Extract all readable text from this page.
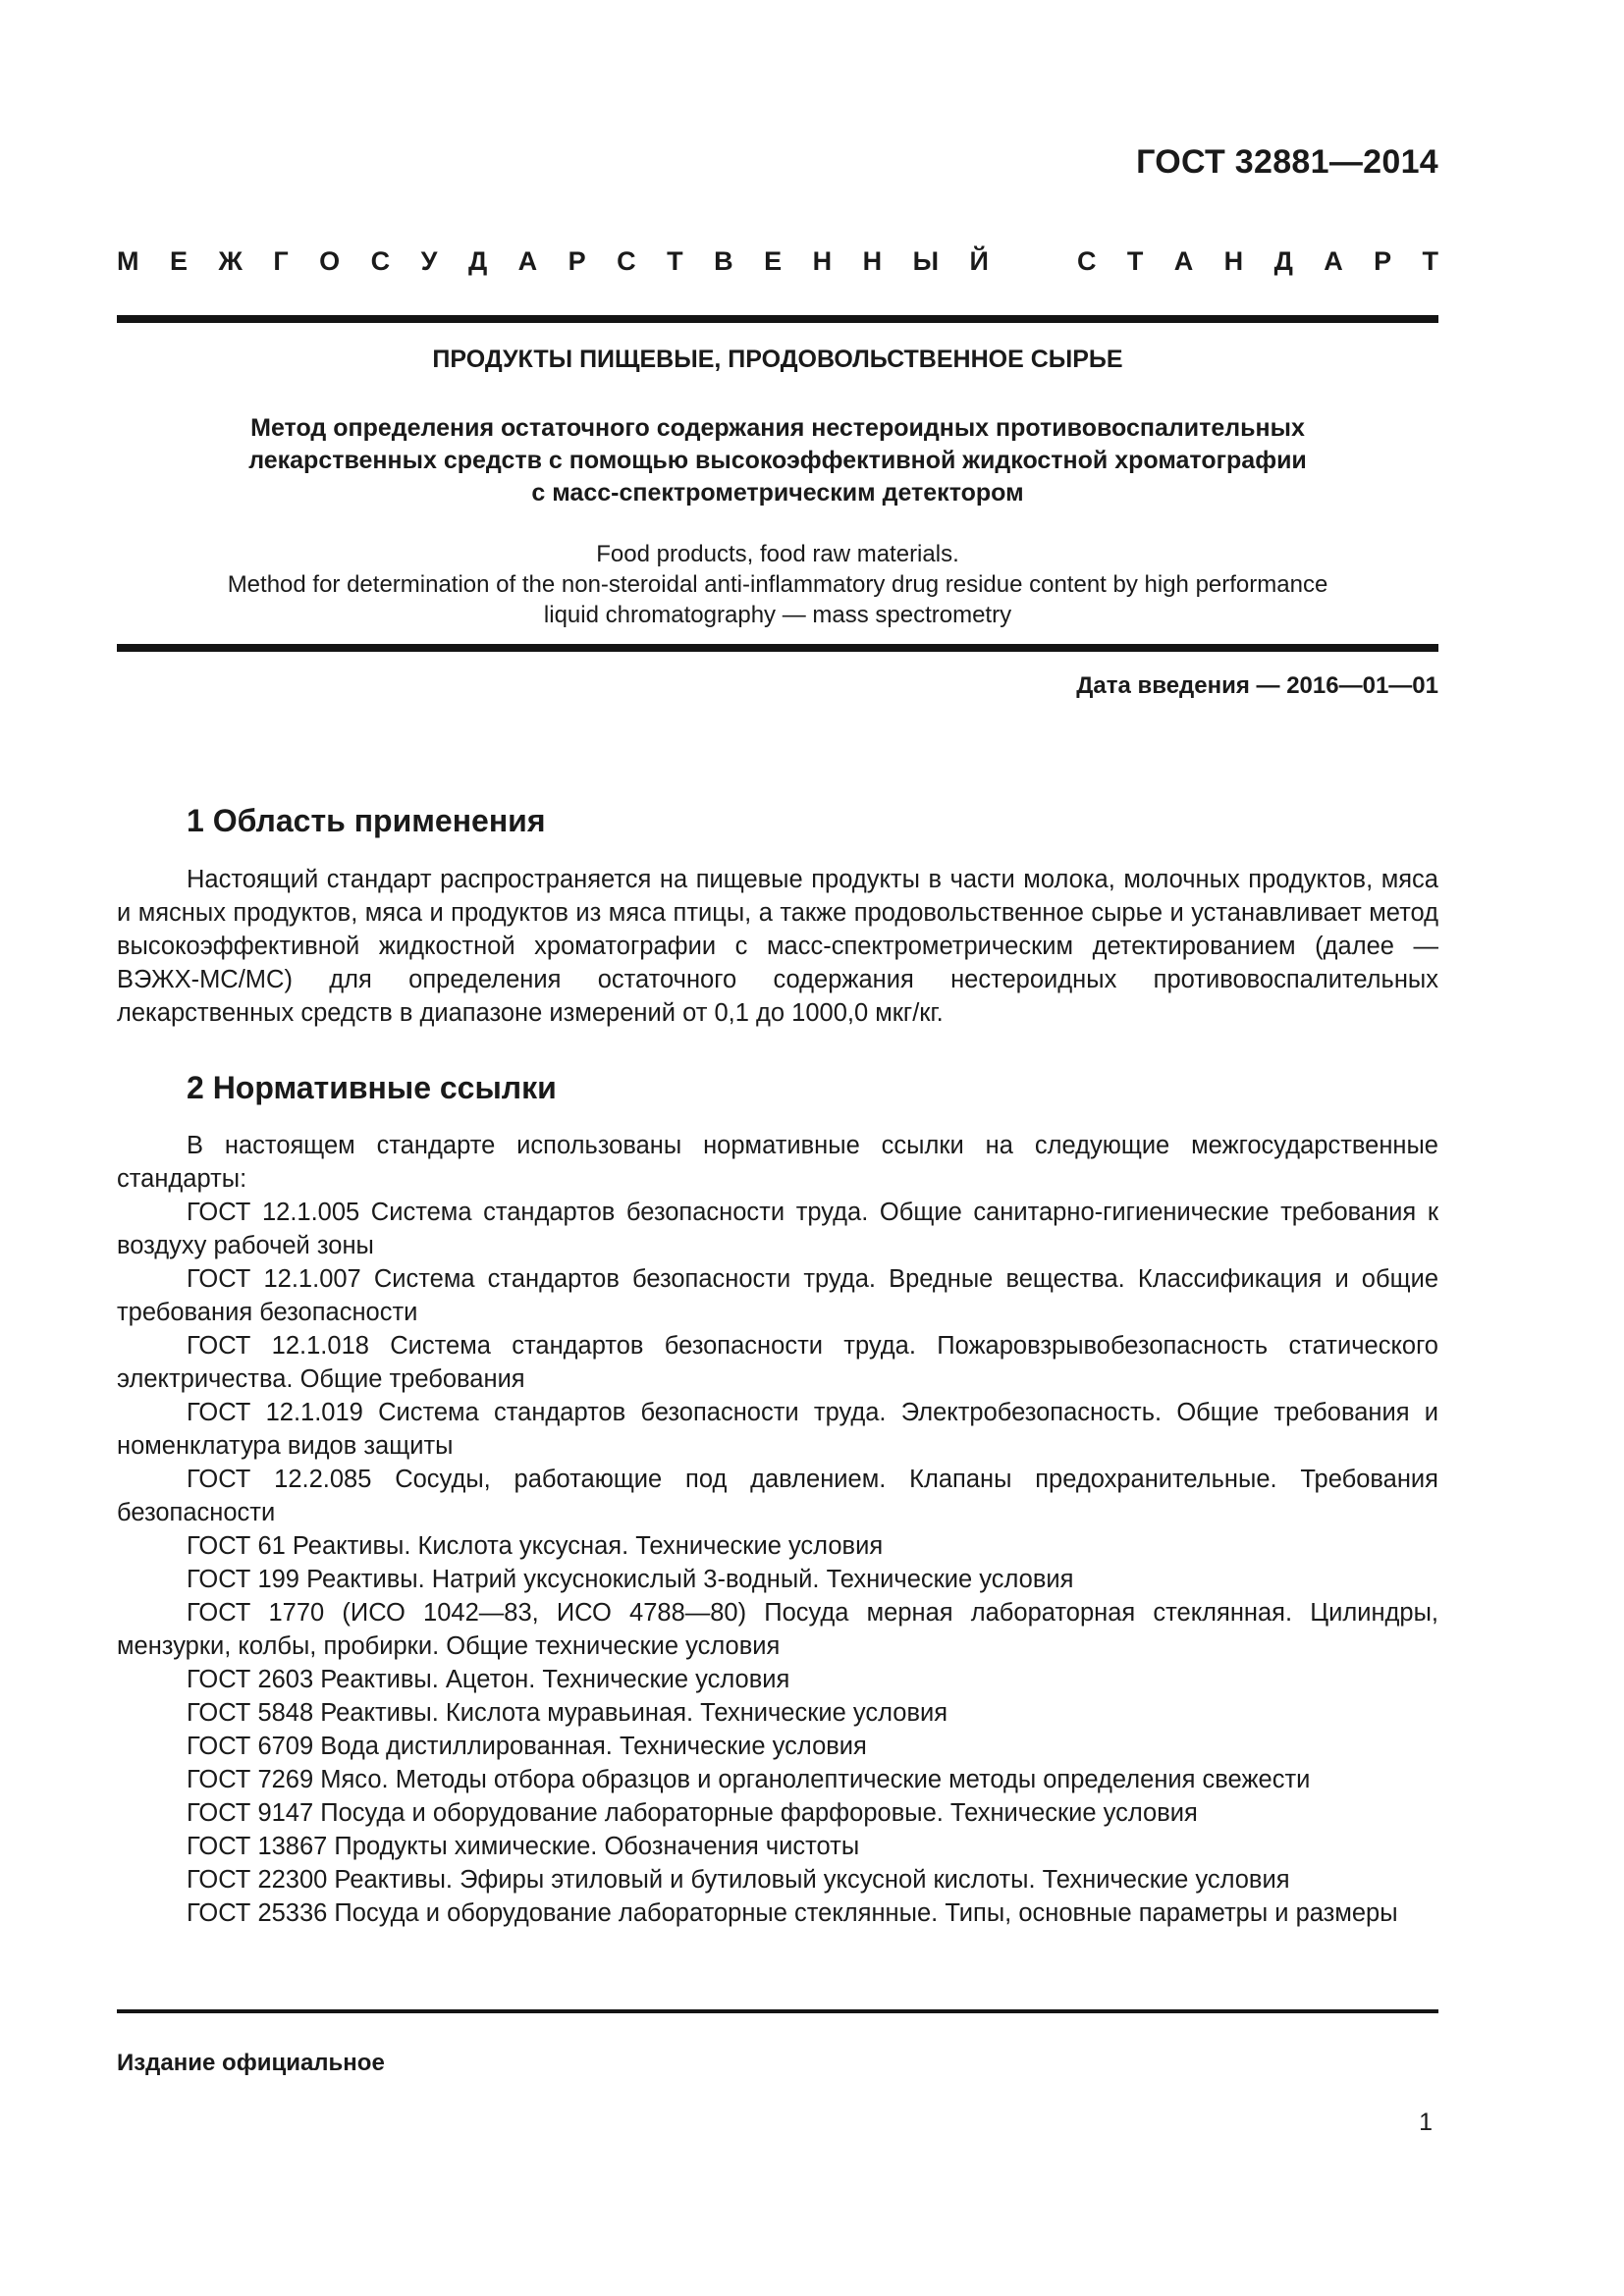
ГОСТ 32881—2014
М Е Ж Г О С У Д А Р С Т В Е Н Н Ы Й	С Т А Н Д А Р Т
ПРОДУКТЫ ПИЩЕВЫЕ, ПРОДОВОЛЬСТВЕННОЕ СЫРЬЕ
Метод определения остаточного содержания нестероидных противовоспалительных
лекарственных средств с помощью высокоэффективной жидкостной хроматографии
с масс-спектрометрическим детектором
Food products, food raw materials.
Method for determination of the non-steroidal anti-inflammatory drug residue content by high performance
liquid chromatography — mass spectrometry
Дата введения — 2016—01—01
1 Область применения

Настоящий стандарт распространяется на пищевые продукты в части молока, молочных продуктов, мяса и мясных продуктов, мяса и продуктов из мяса птицы, а также продовольственное сырье и устанавливает метод высокоэффективной жидкостной хроматографии с масс-спектрометрическим детектированием (далее — ВЭЖХ-МС/МС) для определения остаточного содержания нестероидных противовоспалительных лекарственных средств в диапазоне измерений от 0,1 до 1000,0 мкг/кг.

2 Нормативные ссылки

В настоящем стандарте использованы нормативные ссылки на следующие межгосударственные стандарты:

ГОСТ 12.1.005 Система стандартов безопасности труда. Общие санитарно-гигиенические требования к воздуху рабочей зоны
ГОСТ 12.1.007 Система стандартов безопасности труда. Вредные вещества. Классификация и общие требования безопасности
ГОСТ 12.1.018 Система стандартов безопасности труда. Пожаровзрывобезопасность статического электричества. Общие требования
ГОСТ 12.1.019 Система стандартов безопасности труда. Электробезопасность. Общие требования и номенклатура видов защиты
ГОСТ 12.2.085 Сосуды, работающие под давлением. Клапаны предохранительные. Требования безопасности
ГОСТ 61 Реактивы. Кислота уксусная. Технические условия
ГОСТ 199 Реактивы. Натрий уксуснокислый 3-водный. Технические условия
ГОСТ 1770 (ИСО 1042—83, ИСО 4788—80) Посуда мерная лабораторная стеклянная. Цилиндры, мензурки, колбы, пробирки. Общие технические условия
ГОСТ 2603 Реактивы. Ацетон. Технические условия
ГОСТ 5848 Реактивы. Кислота муравьиная. Технические условия
ГОСТ 6709 Вода дистиллированная. Технические условия
ГОСТ 7269 Мясо. Методы отбора образцов и органолептические методы определения свежести
ГОСТ 9147 Посуда и оборудование лабораторные фарфоровые. Технические условия
ГОСТ 13867 Продукты химические. Обозначения чистоты
ГОСТ 22300 Реактивы. Эфиры этиловый и бутиловый уксусной кислоты. Технические условия
ГОСТ 25336 Посуда и оборудование лабораторные стеклянные. Типы, основные параметры и размеры
Издание официальное
1
